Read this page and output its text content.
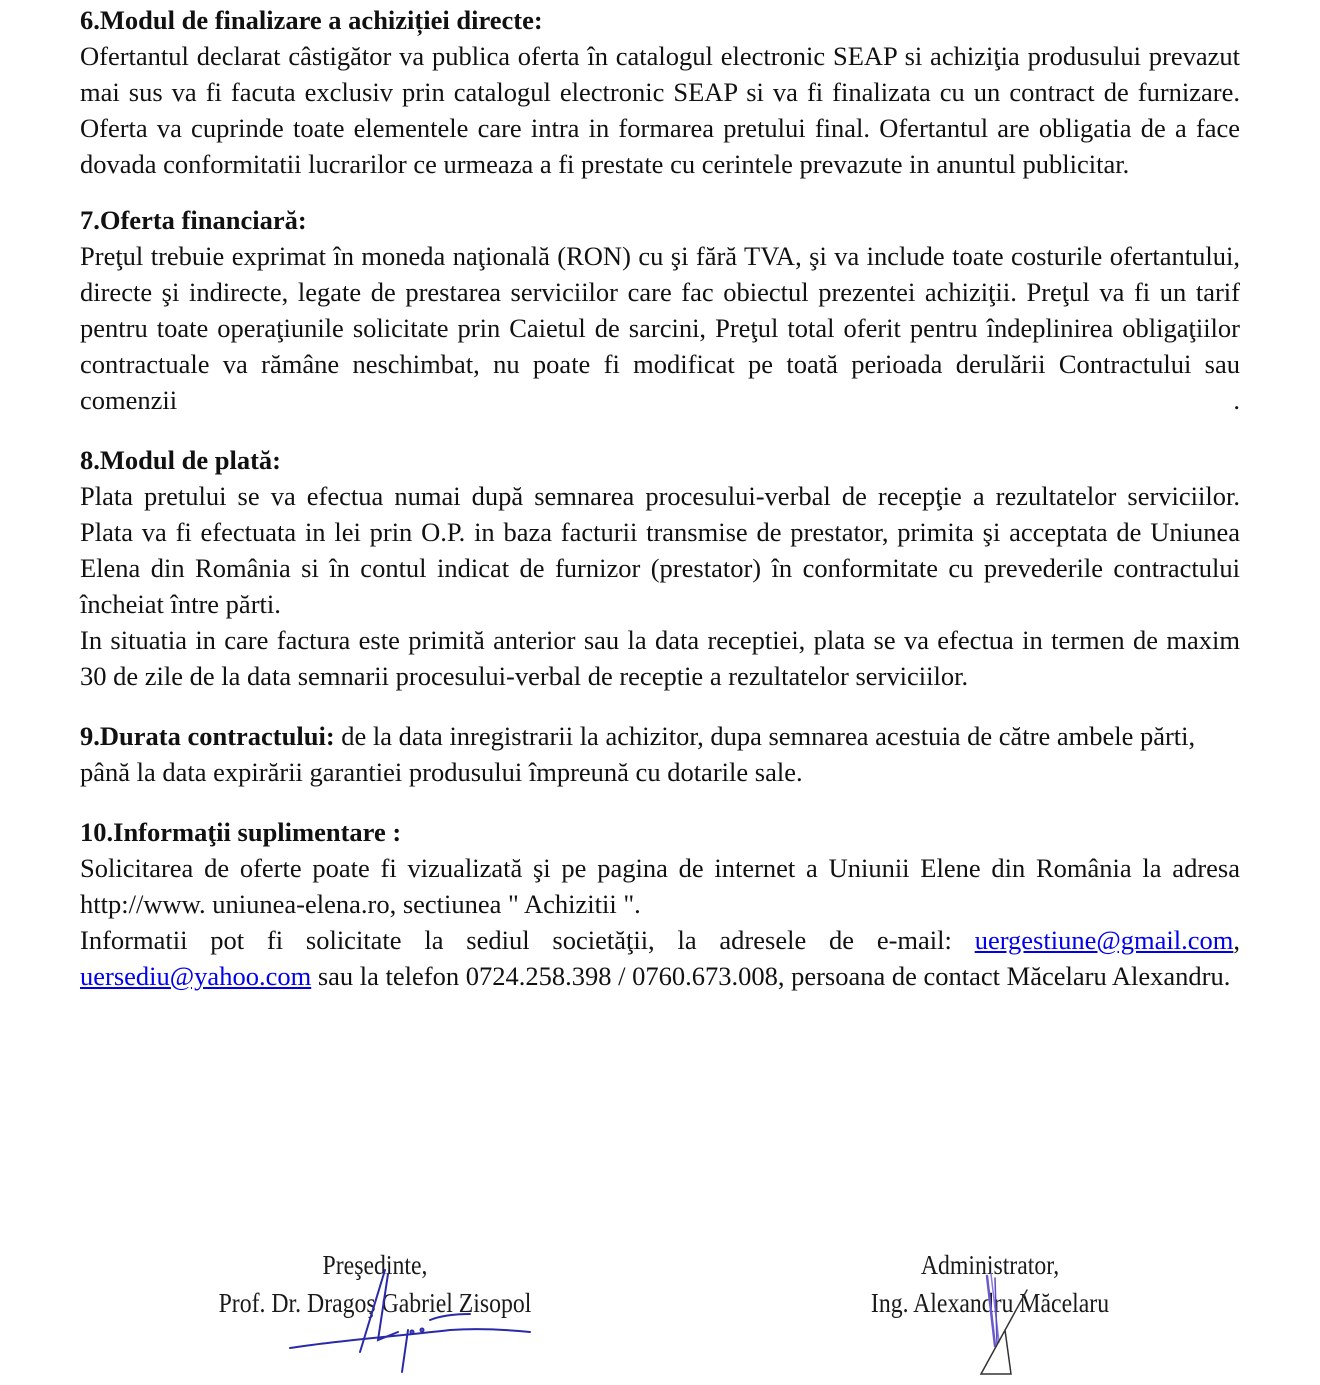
6.Modul de finalizare a achiziției directe:
Ofertantul declarat câstigător va publica oferta în catalogul electronic SEAP si achiziţia produsului prevazut mai sus va fi facuta exclusiv prin catalogul electronic SEAP si va fi finalizata cu un contract de furnizare. Oferta va cuprinde toate elementele care intra in formarea pretului final. Ofertantul are obligatia de a face dovada conformitatii lucrarilor ce urmeaza a fi prestate cu cerintele prevazute in anuntul publicitar.
7.Oferta financiară:
Preţul trebuie exprimat în moneda naţională (RON) cu şi fără TVA, şi va include toate costurile ofertantului, directe şi indirecte, legate de prestarea serviciilor care fac obiectul prezentei achiziţii. Preţul va fi un tarif pentru toate operaţiunile solicitate prin Caietul de sarcini, Preţul total oferit pentru îndeplinirea obligaţiilor contractuale va rămâne neschimbat, nu poate fi modificat pe toată perioada derulării Contractului sau comenzii .
8.Modul de plată:
Plata pretului se va efectua numai după semnarea procesului-verbal de recepţie a rezultatelor serviciilor. Plata va fi efectuata in lei prin O.P. in baza facturii transmise de prestator, primita şi acceptata de Uniunea Elena din România si în contul indicat de furnizor (prestator) în conformitate cu prevederile contractului încheiat între părti.
In situatia in care factura este primită anterior sau la data receptiei, plata se va efectua in termen de maxim 30 de zile de la data semnarii procesului-verbal de receptie a rezultatelor serviciilor.
9.Durata contractului: de la data inregistrarii la achizitor, dupa semnarea acestuia de către ambele părti, până la data expirării garantiei produsului împreună cu dotarile sale.
10.Informaţii suplimentare :
Solicitarea de oferte poate fi vizualizată şi pe pagina de internet a Uniunii Elene din România la adresa http://www. uniunea-elena.ro, sectiunea " Achizitii ".
Informatii pot fi solicitate la sediul societăţii, la adresele de e-mail: uergestiune@gmail.com, uersediu@yahoo.com sau la telefon 0724.258.398 / 0760.673.008, persoana de contact Măcelaru Alexandru.
Preşedinte,
Prof. Dr. Dragoş Gabriel Zisopol
Administrator,
Ing. Alexandru Măcelaru
